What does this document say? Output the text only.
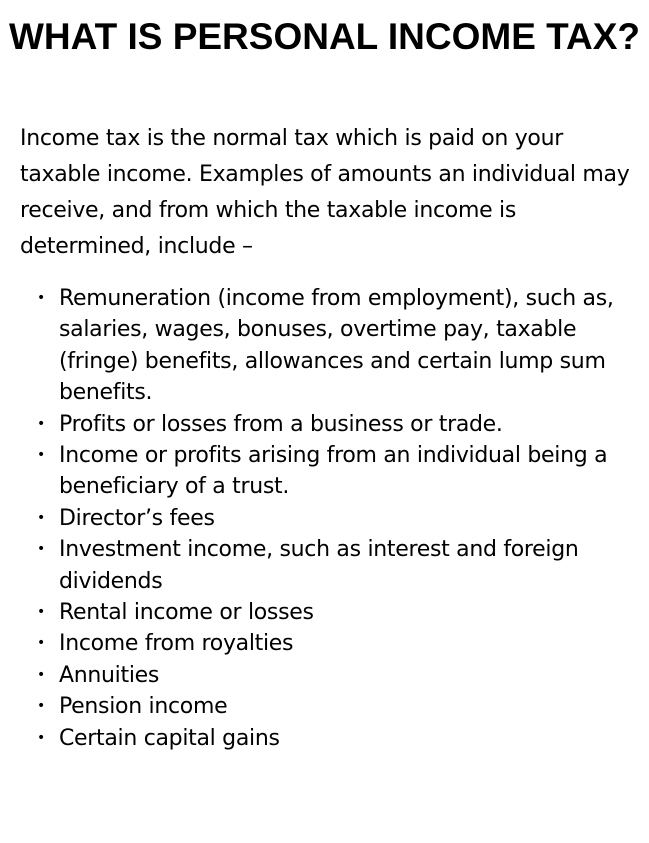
WHAT IS PERSONAL INCOME TAX?

Income tax is the normal tax which is paid on your taxable income. Examples of amounts an individual may receive, and from which the taxable income is determined, include –

• Remuneration (income from employment), such as, salaries, wages, bonuses, overtime pay, taxable (fringe) benefits, allowances and certain lump sum benefits.
• Profits or losses from a business or trade.
• Income or profits arising from an individual being a beneficiary of a trust.
• Director’s fees
• Investment income, such as interest and foreign dividends
• Rental income or losses
• Income from royalties
• Annuities
• Pension income
• Certain capital gains
